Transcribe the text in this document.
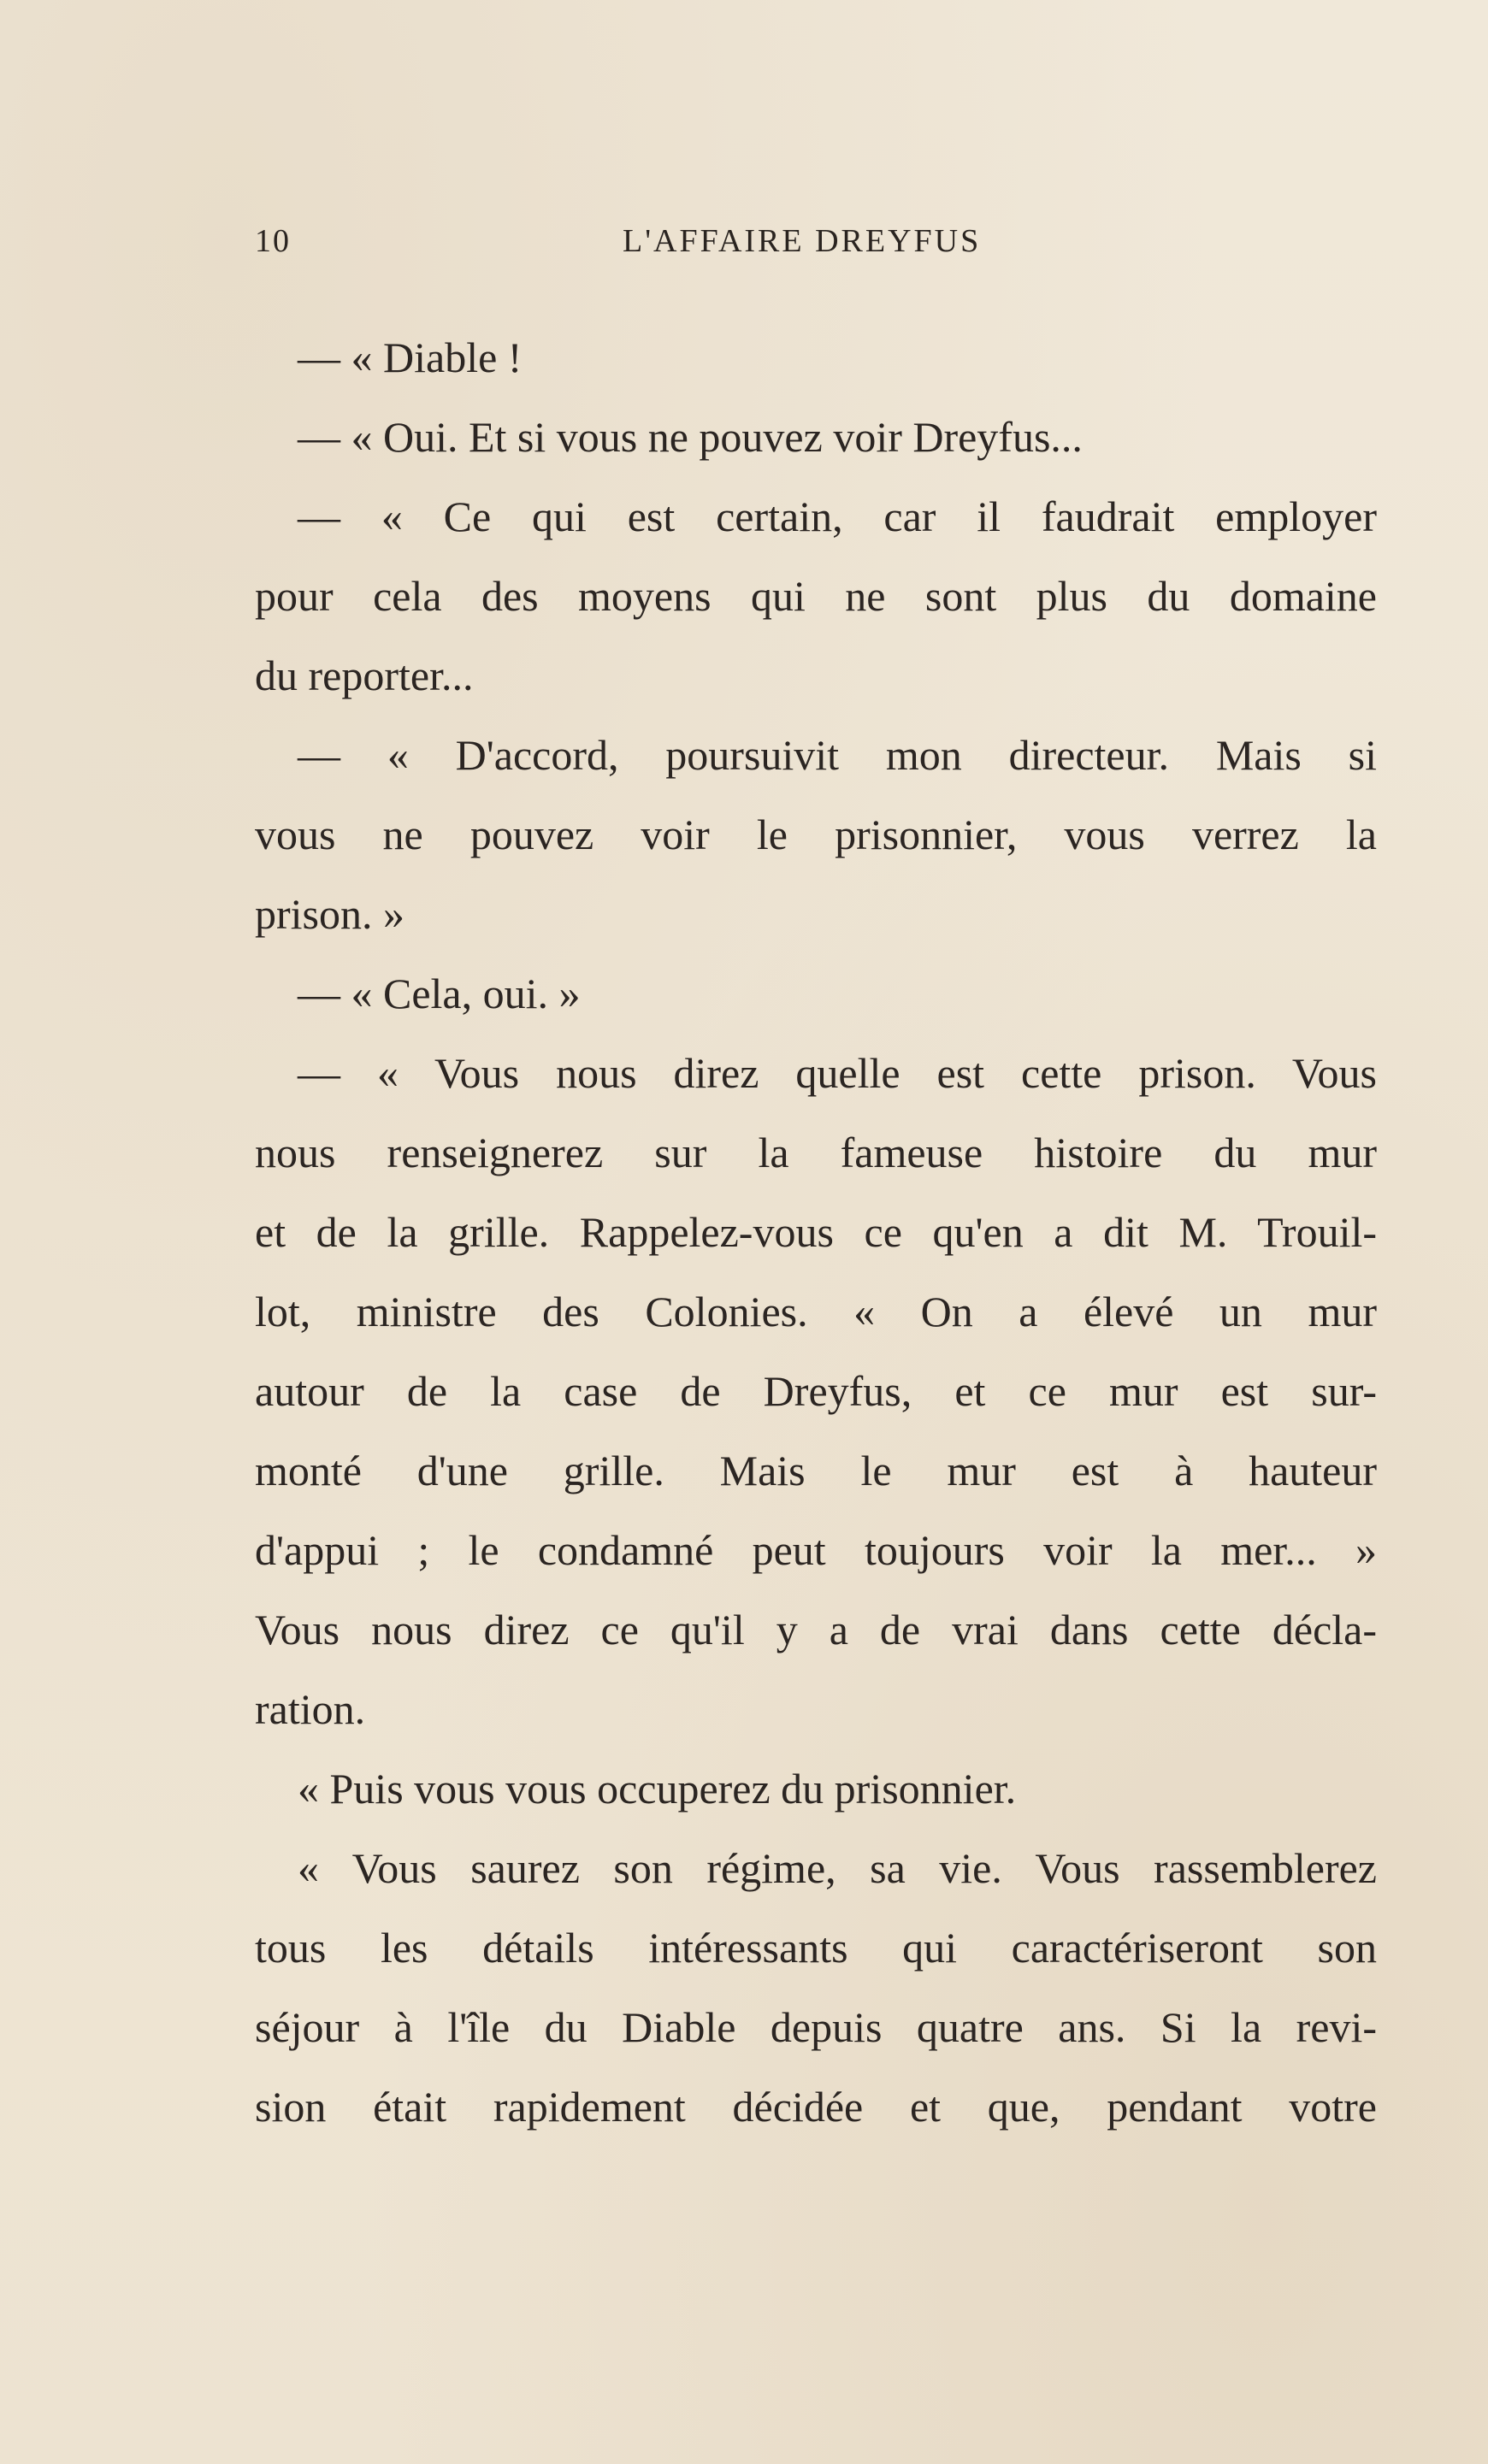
10	L'AFFAIRE DREYFUS
— « Diable !
— « Oui. Et si vous ne pouvez voir Dreyfus...
— « Ce qui est certain, car il faudrait employer
pour cela des moyens qui ne sont plus du domaine
du reporter...
— « D'accord, poursuivit mon directeur. Mais si
vous ne pouvez voir le prisonnier, vous verrez la
prison. »
— « Cela, oui. »
— « Vous nous direz quelle est cette prison. Vous
nous renseignerez sur la fameuse histoire du mur
et de la grille. Rappelez-vous ce qu'en a dit M. Trouil-
lot, ministre des Colonies. « On a élevé un mur
autour de la case de Dreyfus, et ce mur est sur-
monté d'une grille. Mais le mur est à hauteur
d'appui ; le condamné peut toujours voir la mer... »
Vous nous direz ce qu'il y a de vrai dans cette décla-
ration.
« Puis vous vous occuperez du prisonnier.
« Vous saurez son régime, sa vie. Vous rassemblerez
tous les détails intéressants qui caractériseront son
séjour à l'île du Diable depuis quatre ans. Si la revi-
sion était rapidement décidée et que, pendant votre
